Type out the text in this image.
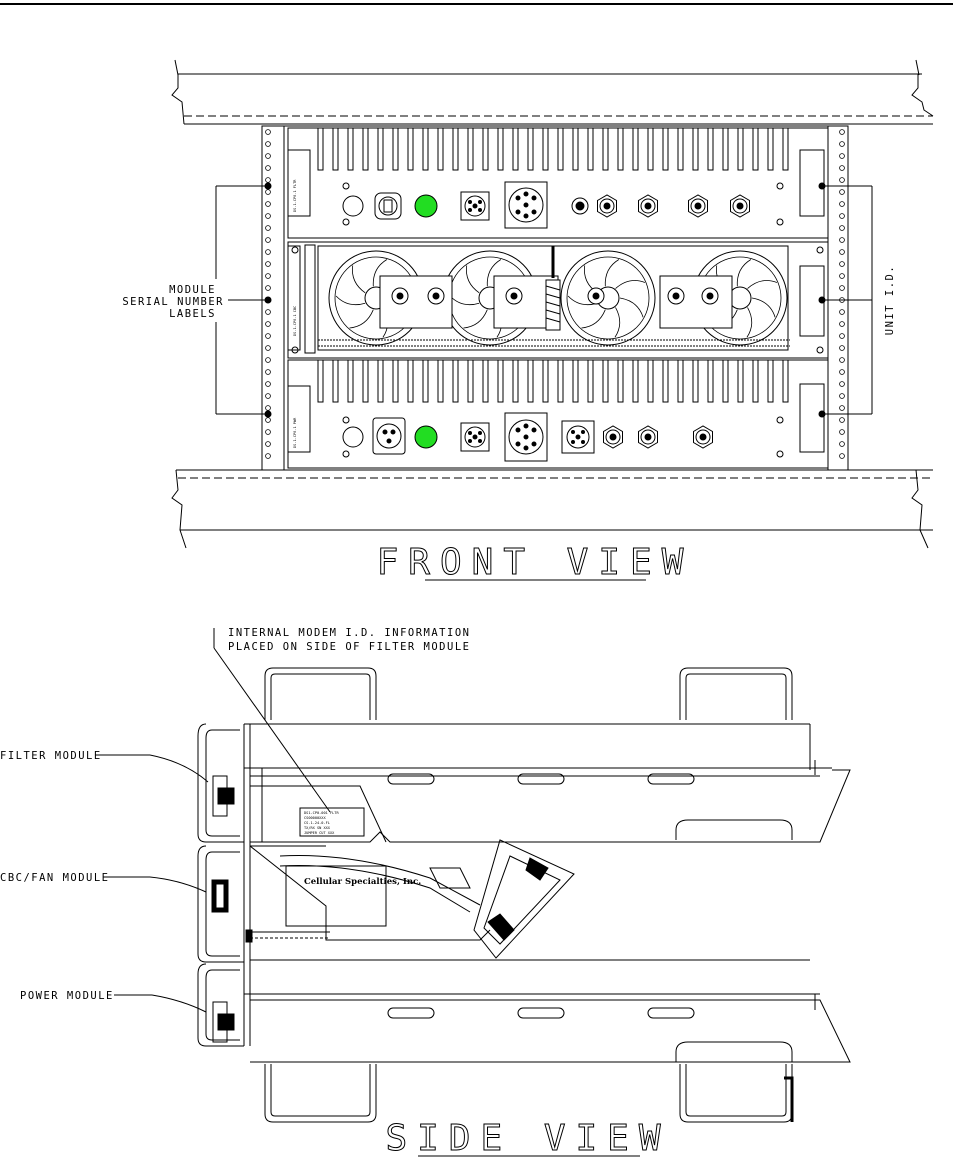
DS-1-CP0-1 FLTR
DS-1-CP0-1 CBC
DS-1-CP0-1 PWR
MODULE
SERIAL NUMBER
LABELS	UNIT I.D.
FRONT VIEW
DS1-CP0-001 FLTR
CS00000XXX
CS-1-24-0-FL
TX/RX SN XXX
JUMPER CUT XXX
INTERNAL MODEM I.D. INFORMATION
PLACED ON SIDE OF FILTER MODULE
FILTER MODULE
CBC/FAN MODULE
POWER MODULE
Cellular Specialties, Inc.
SIDE VIEW
